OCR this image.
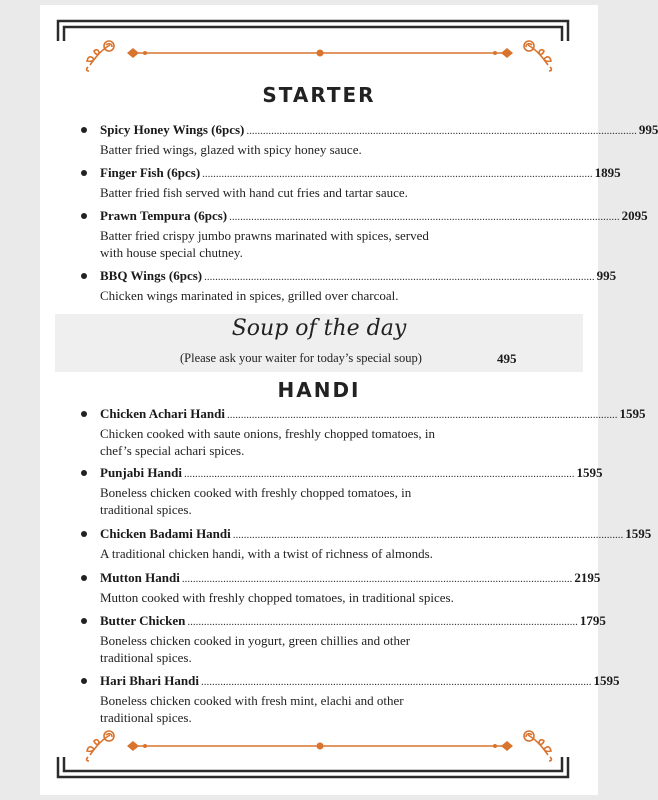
STARTER
Spicy Honey Wings (6pcs) .............................................................................................................................................. 995
Batter fried wings, glazed with spicy honey sauce.
Finger Fish (6pcs) .............................................................................................................................................. 1895
Batter fried fish served with hand cut fries and tartar sauce.
Prawn Tempura (6pcs) .............................................................................................................................................. 2095
Batter fried crispy jumbo prawns marinated with spices, served with house special chutney.
BBQ Wings (6pcs) .............................................................................................................................................. 995
Chicken wings marinated in spices, grilled over charcoal.
Soup of the day
(Please ask your waiter for today’s special soup)	495
HANDI
Chicken Achari Handi .............................................................................................................................................. 1595
Chicken cooked with saute onions, freshly chopped tomatoes, in chef’s special achari spices.
Punjabi Handi .............................................................................................................................................. 1595
Boneless chicken cooked with freshly chopped tomatoes, in traditional spices.
Chicken Badami Handi .............................................................................................................................................. 1595
A traditional chicken handi, with a twist of richness of almonds.
Mutton Handi .............................................................................................................................................. 2195
Mutton cooked with freshly chopped tomatoes, in traditional spices.
Butter Chicken .............................................................................................................................................. 1795
Boneless chicken cooked in yogurt, green chillies and other traditional spices.
Hari Bhari Handi .............................................................................................................................................. 1595
Boneless chicken cooked with fresh mint, elachi and other traditional spices.
